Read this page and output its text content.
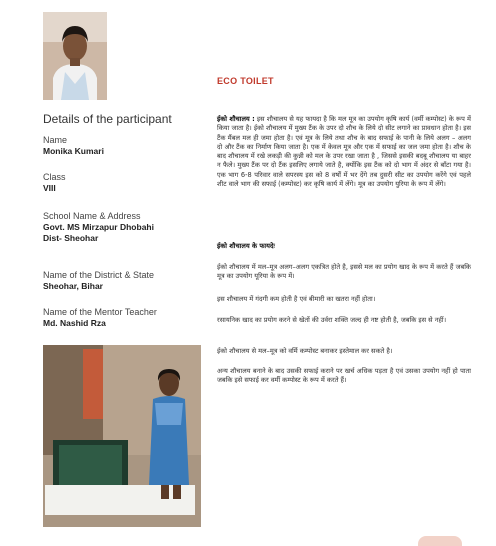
Details of the participant
Name
Monika Kumari
Class
VIII
School Name & Address
Govt. MS Mirzapur Dhobahi
Dist- Sheohar
Name of the District & State
Sheohar, Bihar
Name of the Mentor Teacher
Md. Nashid Rza
ECO TOILET
ईको शौचालय : इस शौचालय से यह फायदा है कि मल मूत्र का उपयोग कृषि कार्य (वर्मी कम्पोस्ट) के रूप में किया जाता है। ईको शौचालय में मुख्य टैंक के उपर दो शौच के लिये दो सीट लगाने का प्रावधान होता है। इस टैंक मैंबल मल ही जमा होता है। एवं मूत्र के लिये तथा शौच के बाद सफाई के पानी के लिये अलग – अलग दो और टैंक का निर्माण किया जाता है। एक में केवल मूत्र और एक में सफाई का जल जमा होता है। शौच के बाद शौचालय में रखे लकड़ी की कुन्नी को मल के उपर रखा जाता है , जिससे इसकी बदबू शौचालय या बाहर न फैले। मुख्य टैंक पर दो टैंक इसलिए लगाये जाते है, क्योंकि इस टैंक को दो भाग में अंदर से बाँटा गया है। एक भाग 6-8 परिवार वाले सपरस्य इस को 8 वर्षों में भर देंगे तब दुसरी सीट का उपयोग करेंगे एवं पहले शीट वाले भाग की सफाई (कम्पोस्ट) कर कृषि कार्य में लेंगे। मूत्र का उपयोग युरिया के रूप में लेंगे।
ईको शौचालय के फायदेः
ईको शौचालय में मल–मूत्र अलग–अलग एकत्रित होते है, इससे मल का प्रयोग खाद के रूप में करते हैं जबकि मूत्र का उपयोग यूरिया के रूप में।
इस शौचालय में गंदगी कम होती है एवं बीमारी का खतरा नहीं होता।
रसायनिक खाद का प्रयोग करने से खेतों की उर्वरा शक्ति जल्द ही नष्ट होती है, जबकि इस से नहीं।
ईको शौचालय से मल–मूत्र को वर्मि कम्पोस्ट बनाकर इस्तेमाल कर सकते है।
अन्य शौचालय बनाने के बाद उसकी सफाई कराने पर खर्च अधिक पड़ता है एवं उसका उपयोग नहीं हो पाता जबकि इसे सफाई कर वर्मी कम्पोस्ट के रूप में करते हैं।
